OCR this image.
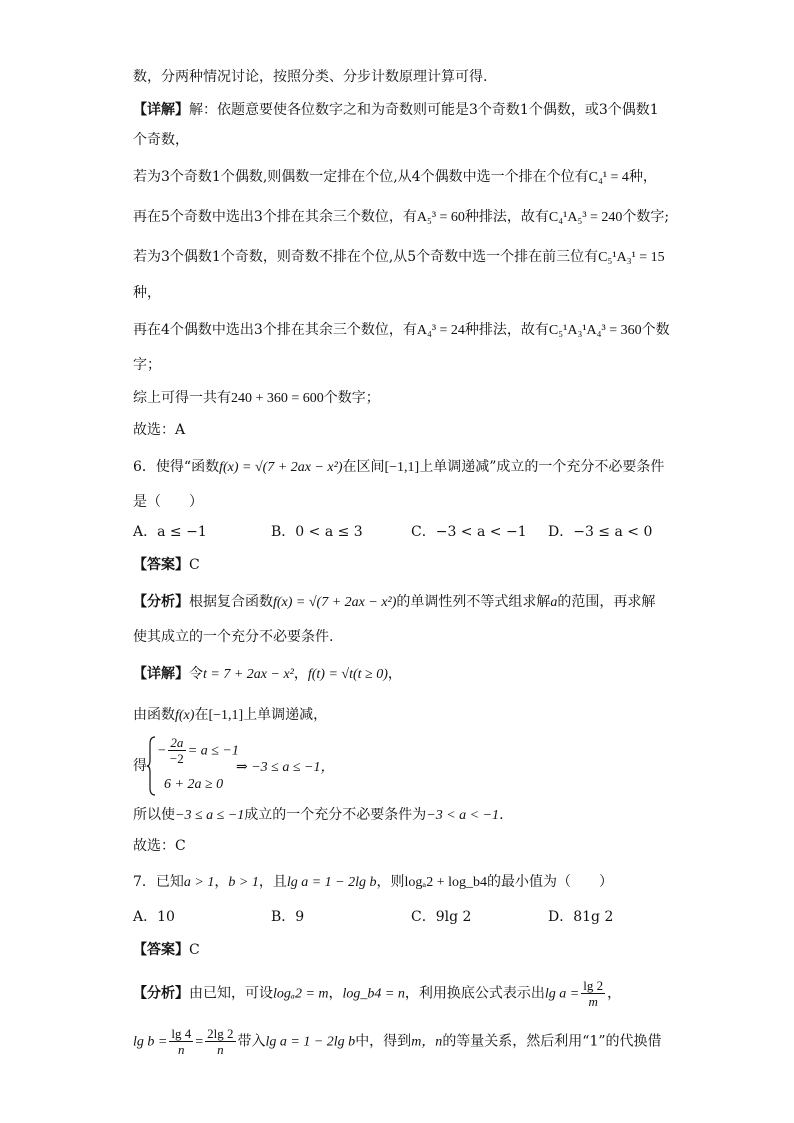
数，分两种情况讨论，按照分类、分步计数原理计算可得.
【详解】解：依题意要使各位数字之和为奇数则可能是3个奇数1个偶数，或3个偶数1
个奇数，
若为3个奇数1个偶数,则偶数一定排在个位,从4个偶数中选一个排在个位有C₄¹ = 4种，
再在5个奇数中选出3个排在其余三个数位，有A₅³ = 60种排法，故有C₄¹A₅³ = 240个数字;
若为3个偶数1个奇数，则奇数不排在个位,从5个奇数中选一个排在前三位有C₅¹A₃¹ = 15
种，
再在4个偶数中选出3个排在其余三个数位，有A₄³ = 24种排法，故有C₅¹A₃¹A₄³ = 360个数
字；
综上可得一共有240 + 360 = 600个数字；
故选：A
6．使得“函数f(x) = √(7 + 2ax − x²)在区间[−1,1]上单调递减”成立的一个充分不必要条件
是（　　）
A．a ≤ −1	B．0 < a ≤ 3	C．−3 < a < −1 D．−3 ≤ a < 0
【答案】C
【分析】根据复合函数f(x) = √(7 + 2ax − x²)的单调性列不等式组求解a的范围，再求解
使其成立的一个充分不必要条件.
【详解】令t = 7 + 2ax − x²，f(t) = √t(t ≥ 0)，
由函数f(x)在[−1,1]上单调递减，
得
− $\frac{2a}{-2} = a \le -1$
6 + 2a ≥ 0
⇒ −3 ≤ a ≤ −1，
所以使−3 ≤ a ≤ −1成立的一个充分不必要条件为−3 < a < −1.
故选：C
7．已知a > 1，b > 1，且lg a = 1 − 2lg b，则logₐ2 + log_b4的最小值为（　　）
A．10	B．9	C．9lg 2	D．81g 2
【答案】C
【分析】由已知，可设logₐ2 = m，log_b4 = n，利用换底公式表示出$\lg a = \frac{\lg 2}{m}$ ，
$\lg b = \frac{\lg 4}{n} = \frac{2\lg 2}{n}$ 带入lg a = 1 − 2lg b中，得到m，n的等量关系，然后利用“1”的代换借
